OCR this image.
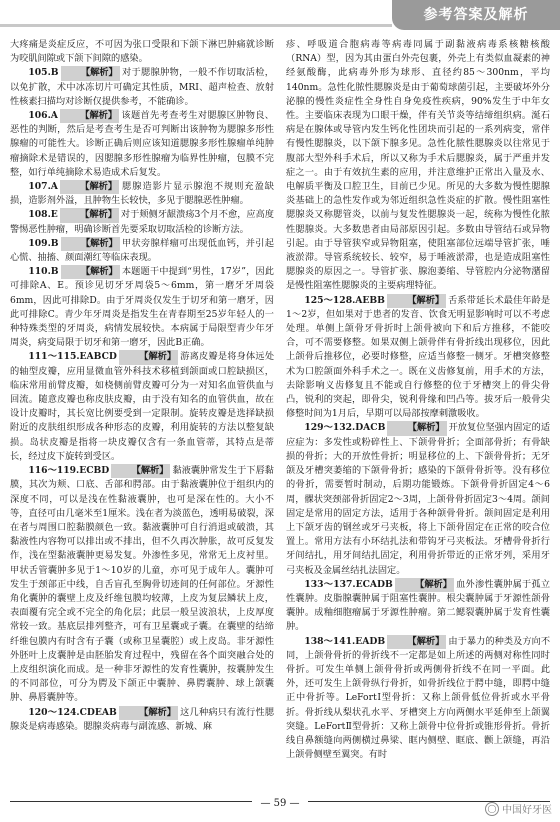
参考答案及解析

大疼痛是炎症反应，不可因为张口受限和下颌下淋巴肿痛就诊断为咬肌间隙或下颌下间隙的感染。

105.B 【解析】 对于腮腺肿物，一般不作切取活检，以免扩散，术中冰冻切片可确定其性质，MRI、超声检查、放射性核素扫描均对诊断仅提供参考，不能确诊。

106.A 【解析】 该题首先考查考生对腮腺区肿物良、恶性的判断，然后是考查考生是否可判断出该肿物为腮腺多形性腺瘤的可能性大。诊断正确后则应该知道腮腺多形性腺瘤单纯肿瘤摘除术是错误的，因腮腺多形性腺瘤为临界性肿瘤，包膜不完整，如行单纯摘除术易造成术后复发。

107.A 【解析】 腮腺造影片显示腺泡不规则充盈缺损，造影剂外溢，且肿物生长较快，多见于腮腺恶性肿瘤。

108.E 【解析】 对于颊侧牙龈溃疡3个月不愈，应高度警惕恶性肿瘤，明确诊断首先要采取切取活检的诊断方法。

109.B 【解析】 甲状旁腺样瘤可出现低血钙，并引起心慌、抽搐、颜面潮红等临床表现。

110.B 【解析】 本题题干中提到“男性，17岁”，因此可排除A、E。预诊见切牙牙周袋5～6mm，第一磨牙牙周袋6mm，因此可排除D。由于牙周炎仅发生于切牙和第一磨牙，因此可排除C。青少年牙周炎是指发生在青春期至25岁年轻人的一种特殊类型的牙周炎，病情发展较快。本病属于局限型青少年牙周炎，病变局限于切牙和第一磨牙，因此B正确。

111～115.EABCD 【解析】 游离皮瓣是将身体远处的轴型皮瓣，应用显微血管外科技术移植到颌面或口腔缺损区，临床常用前臂皮瓣，如桡侧前臂皮瓣可分为一对知名血管供血与回流。随意皮瓣也称皮肤皮瓣，由于没有知名的血管供血，故在设计皮瓣时，其长宽比例要受到一定限制。旋转皮瓣是选择缺损附近的皮肤组织形成各种形态的皮瓣，利用旋转的方法以整复缺损。岛状皮瓣是指将一块皮瓣仅含有一条血管蒂，其特点是蒂长，经过皮下旋转到受区。

116～119.ECBD 【解析】 黏液囊肿常发生于下唇黏膜，其次为颊、口底、舌部和腭部。由于黏液囊肿位于组织内的深度不同，可以是浅在性黏液囊肿，也可是深在性的。大小不等，直径可由几毫米至1厘米。浅在者为淡蓝色，透明易破裂，深在者与周围口腔黏膜颜色一致。黏液囊肿可自行消退或破溃，其黏液性内容物可以排出或不排出，但不久再次肿胀，故可反复发作，浅在型黏液囊肿更易发复。外渗性多见，常常无上皮衬里。甲状舌管囊肿多见于1～10岁的儿童，亦可见于成年人。囊肿可发生于颈部正中线，自舌盲孔至胸骨切迹间的任何部位。牙源性角化囊肿的囊壁上皮及纤维包膜均较薄，上皮为复层鳞状上皮，表面覆有完全或不完全的角化层；此层一般呈波浪状，上皮厚度常较一致。基底层排列整齐，可有卫星囊或子囊。在囊壁的结缔纤维包膜内有时含有子囊（或称卫星囊腔）或上皮岛。非牙源性外胚叶上皮囊肿是由胚胎发育过程中，残留在各个面突融合处的上皮组织演化而成。是一种非牙源性的发育性囊肿，按囊肿发生的不同部位，可分为腭及下颌正中囊肿、鼻腭囊肿、球上颌囊肿、鼻唇囊肿等。

120～124.CDEAB 【解析】 这几种病只有流行性腮腺炎是病毒感染。腮腺炎病毒与副流感、新城、麻

疹、呼吸道合胞病毒等病毒同属于副黏液病毒系核糖核酸（RNA）型，因为其由蛋白外壳包裹，外壳上有类似血凝素的神经氨酸酶，此病毒外形为球形、直径约85～300nm，平均140nm。急性化脓性腮腺炎是由于葡萄球菌引起，主要破坏外分泌腺的慢性炎症性全身性自身免疫性疾病，90%发生于中年女性。主要临床表现为口眼干燥，伴有关节炎等结缔组织病。涎石病是在腺体或导管内发生钙化性团块而引起的一系列病变，常伴有慢性腮腺炎，以下颌下腺多见。急性化脓性腮腺炎以往常见于腹部大型外科手术后，所以又称为手术后腮腺炎，属于严重并发症之一。由于有效抗生素的应用，并注意维护正常出入量及水、电解质平衡及口腔卫生，目前已少见。所见的大多数为慢性腮腺炎基础上的急性发作或为邻近组织急性炎症的扩散。慢性阻塞性腮腺炎又称腮管炎，以前与复发性腮腺炎一起，统称为慢性化脓性腮腺炎。大多数患者由局部原因引起。多数由导管结石或异物引起。由于导管狭窄或异物阻塞，使阻塞部位远端导管扩张，唾液淤滞。导管系统较长、较窄，易于唾液淤滞，也是造成阻塞性腮腺炎的原因之一。导管扩张、腺泡萎缩、导管腔内分泌物潴留是慢性阻塞性腮腺炎的主要病理特征。

125～128.AEBB 【解析】 舌系带延长术最佳年龄是1～2岁，但如果对于患者的发音、饮食无明显影响时可以不考虑处理。单侧上颌骨牙骨折时上颌骨被向下和后方推移，不能咬合，可不需要修整。如果双侧上颌骨伴有骨折线出现移位，因此上颌骨后推移位，必要时修整，应适当修整一侧牙。牙槽突修整术为口腔颌面外科手术之一。既在义齿修复前，用手术的方法，去除影响义齿修复且不能或自行修整的位于牙槽突上的骨尖骨凸，锐利的突起，即骨尖，锐利骨缘和凹凸等。拔牙后一般骨尖修整时间为1月后，早期可以局部按摩刺激吸收。

129～132.DACB 【解析】 开放复位坚强内固定的适应症为：多发性或粉碎性上、下颌骨骨折；全面部骨折；有骨缺损的骨折；大的开放性骨折；明显移位的上、下颌骨骨折；无牙颌及牙槽突萎缩的下颌骨骨折；感染的下颌骨骨折等。没有移位的骨折，需要暂时制动，后期功能锻炼。下颌骨骨折固定4～6周，髁状突颈部骨折固定2～3周，上颌骨骨折固定3～4周。颌间固定是常用的固定方法，适用于各种颌骨骨折。颌间固定是利用上下颌牙齿的钢丝或牙弓夹板，将上下颌骨固定在正常的咬合位置上。常用方法有小环结扎法和带钩牙弓夹板法。牙槽骨骨折行牙间结扎，用牙间结扎固定，利用骨折带近的正常牙列，采用牙弓夹板及金属丝结扎法固定。

133～137.ECADB 【解析】 血外渗性囊肿属于孤立性囊肿。皮脂腺囊肿属于阻塞性囊肿。根尖囊肿属于牙源性颌骨囊肿。成釉细胞瘤属于牙源性肿瘤。第二鳃裂囊肿属于发育性囊肿。

138～141.EADB 【解析】 由于暴力的种类及方向不同，上颌骨骨折的骨折线不一定都是如上所述的两侧对称性同时骨折。可发生单侧上颌骨骨折或两侧骨折线不在同一平面。此外，还可发生上颌骨纵行骨折，如骨折线位于腭中缝，即腭中缝正中骨折等。LeFortⅠ型骨折：又称上颌骨低位骨折或水平骨折。骨折线从梨状孔水平、牙槽突上方向两侧水平延伸至上颌翼突缝。LeFortⅡ型骨折：又称上颌骨中位骨折或锥形骨折。骨折线自鼻额缝向两侧横过鼻梁、眶内侧壁、眶底、颧上颌缝，再沿上颌骨侧壁至翼突。有时

— 59 —	◯ 中国好牙医
